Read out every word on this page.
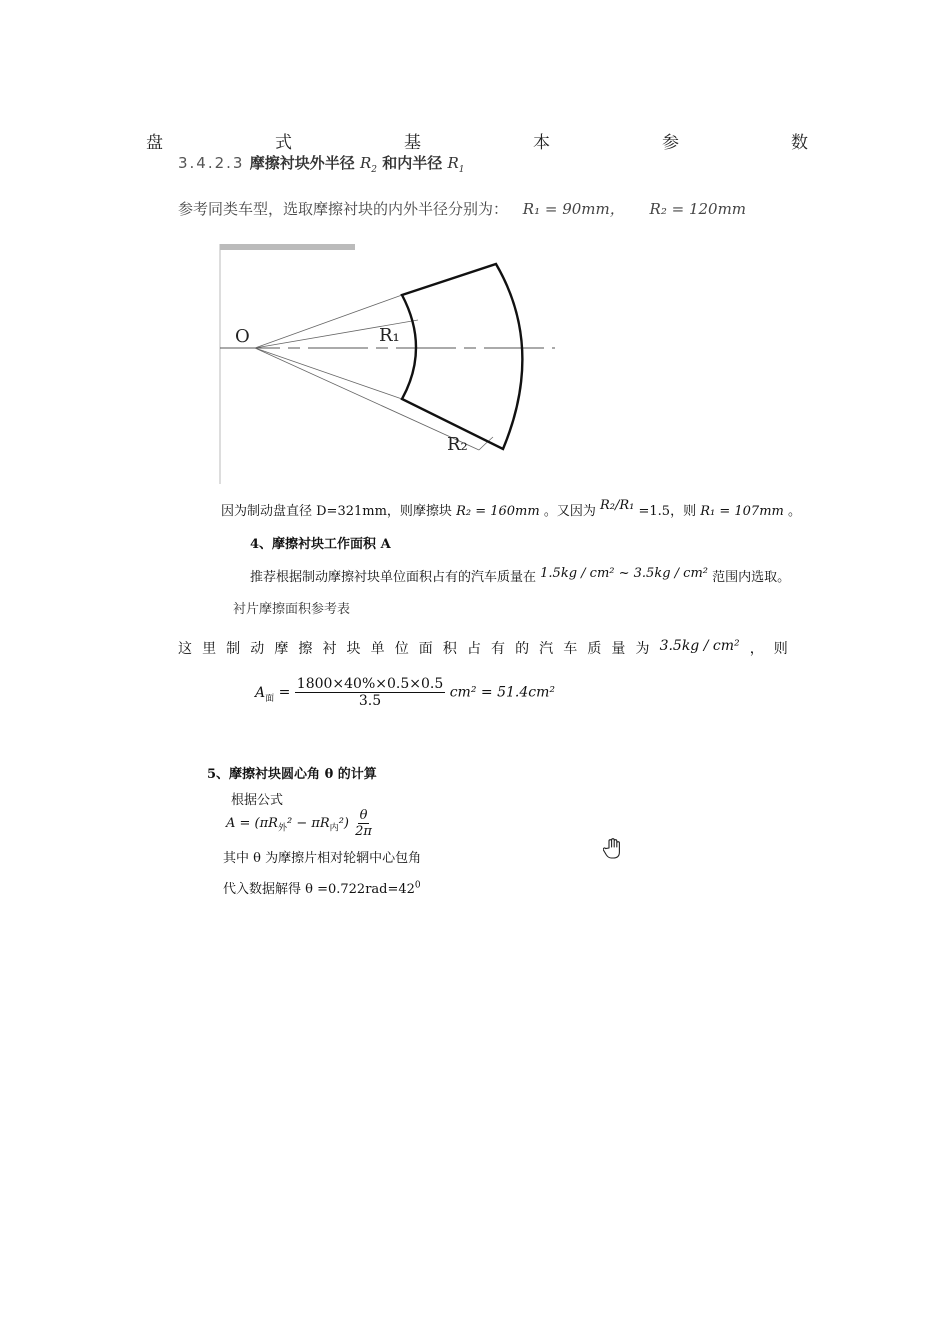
盘	式	基	本	参	数
3.4.2.3 摩擦衬块外半径 $R_2$ 和内半径 $R_1$
参考同类车型，选取摩擦衬块的内外半径分别为： R₁ = 90mm， R₂ = 120mm
O	R₁
R₂
因为制动盘直径 D=321mm，则摩擦块 R₂ = 160mm 。又因为 R₂/R₁ =1.5，则 R₁ = 107mm 。
4、摩擦衬块工作面积 A
推荐根据制动摩擦衬块单位面积占有的汽车质量在 1.5kg / cm² ~ 3.5kg / cm² 范围内选取。
衬片摩擦面积参考表
这 里 制 动 摩 擦 衬 块 单 位 面 积 占 有 的 汽 车 质 量 为 3.5kg / cm² ， 则
$A_面 = \frac{1800\times 40\%\times 0.5\times 0.5}{3.5} cm^2 = 51.4cm^2$
5、摩擦衬块圆心角 θ 的计算
根据公式
$A = (\pi R_外^2 - \pi R_内^2) \frac{\theta}{2\pi}$
其中 θ 为摩擦片相对轮辋中心包角
代入数据解得 $\theta =0.722rad=42^0$
